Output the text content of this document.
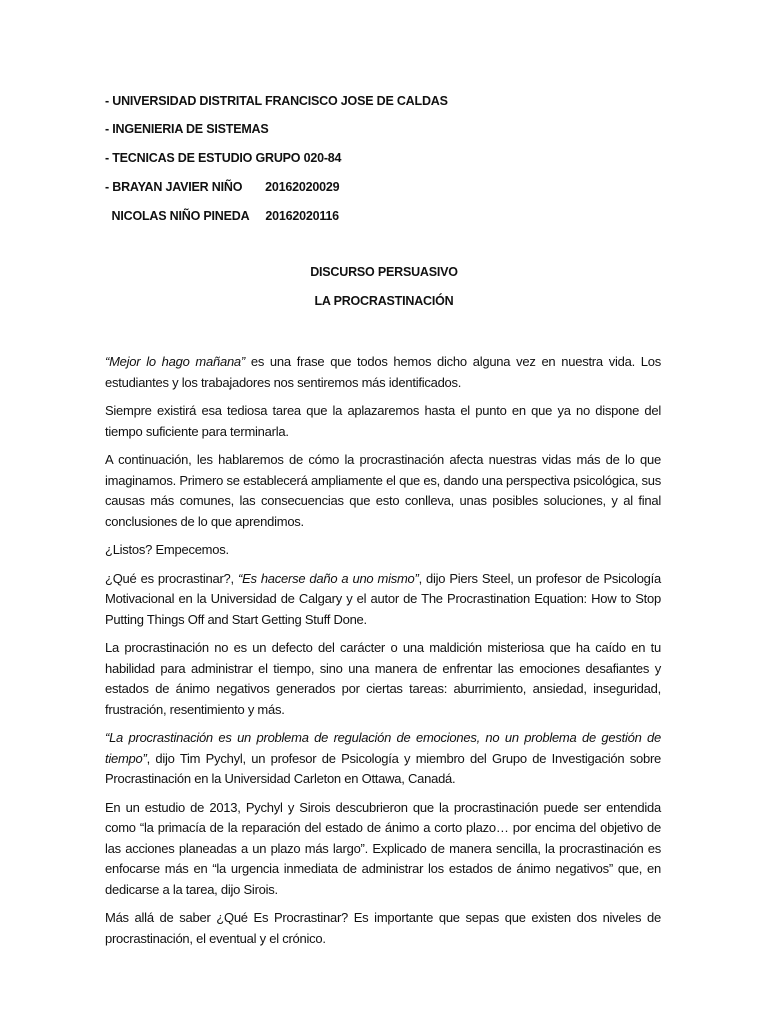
- UNIVERSIDAD DISTRITAL FRANCISCO JOSE DE CALDAS
- INGENIERIA DE SISTEMAS
- TECNICAS DE ESTUDIO GRUPO 020-84
- BRAYAN JAVIER NIÑO       20162020029
NICOLAS NIÑO PINEDA     20162020116
DISCURSO PERSUASIVO
LA PROCRASTINACIÓN

“Mejor lo hago mañana” es una frase que todos hemos dicho alguna vez en nuestra vida. Los estudiantes y los trabajadores nos sentiremos más identificados.

Siempre existirá esa tediosa tarea que la aplazaremos hasta el punto en que ya no dispone del tiempo suficiente para terminarla.

A continuación, les hablaremos de cómo la procrastinación afecta nuestras vidas más de lo que imaginamos. Primero se establecerá ampliamente el que es, dando una perspectiva psicológica, sus causas más comunes, las consecuencias que esto conlleva, unas posibles soluciones, y al final conclusiones de lo que aprendimos.

¿Listos? Empecemos.

¿Qué es procrastinar?, “Es hacerse daño a uno mismo”, dijo Piers Steel, un profesor de Psicología Motivacional en la Universidad de Calgary y el autor de The Procrastination Equation: How to Stop Putting Things Off and Start Getting Stuff Done.

La procrastinación no es un defecto del carácter o una maldición misteriosa que ha caído en tu habilidad para administrar el tiempo, sino una manera de enfrentar las emociones desafiantes y estados de ánimo negativos generados por ciertas tareas: aburrimiento, ansiedad, inseguridad, frustración, resentimiento y más.

“La procrastinación es un problema de regulación de emociones, no un problema de gestión de tiempo”, dijo Tim Pychyl, un profesor de Psicología y miembro del Grupo de Investigación sobre Procrastinación en la Universidad Carleton en Ottawa, Canadá.

En un estudio de 2013, Pychyl y Sirois descubrieron que la procrastinación puede ser entendida como “la primacía de la reparación del estado de ánimo a corto plazo… por encima del objetivo de las acciones planeadas a un plazo más largo”. Explicado de manera sencilla, la procrastinación es enfocarse más en “la urgencia inmediata de administrar los estados de ánimo negativos” que, en dedicarse a la tarea, dijo Sirois.

Más allá de saber ¿Qué Es Procrastinar? Es importante que sepas que existen dos niveles de procrastinación, el eventual y el crónico.
